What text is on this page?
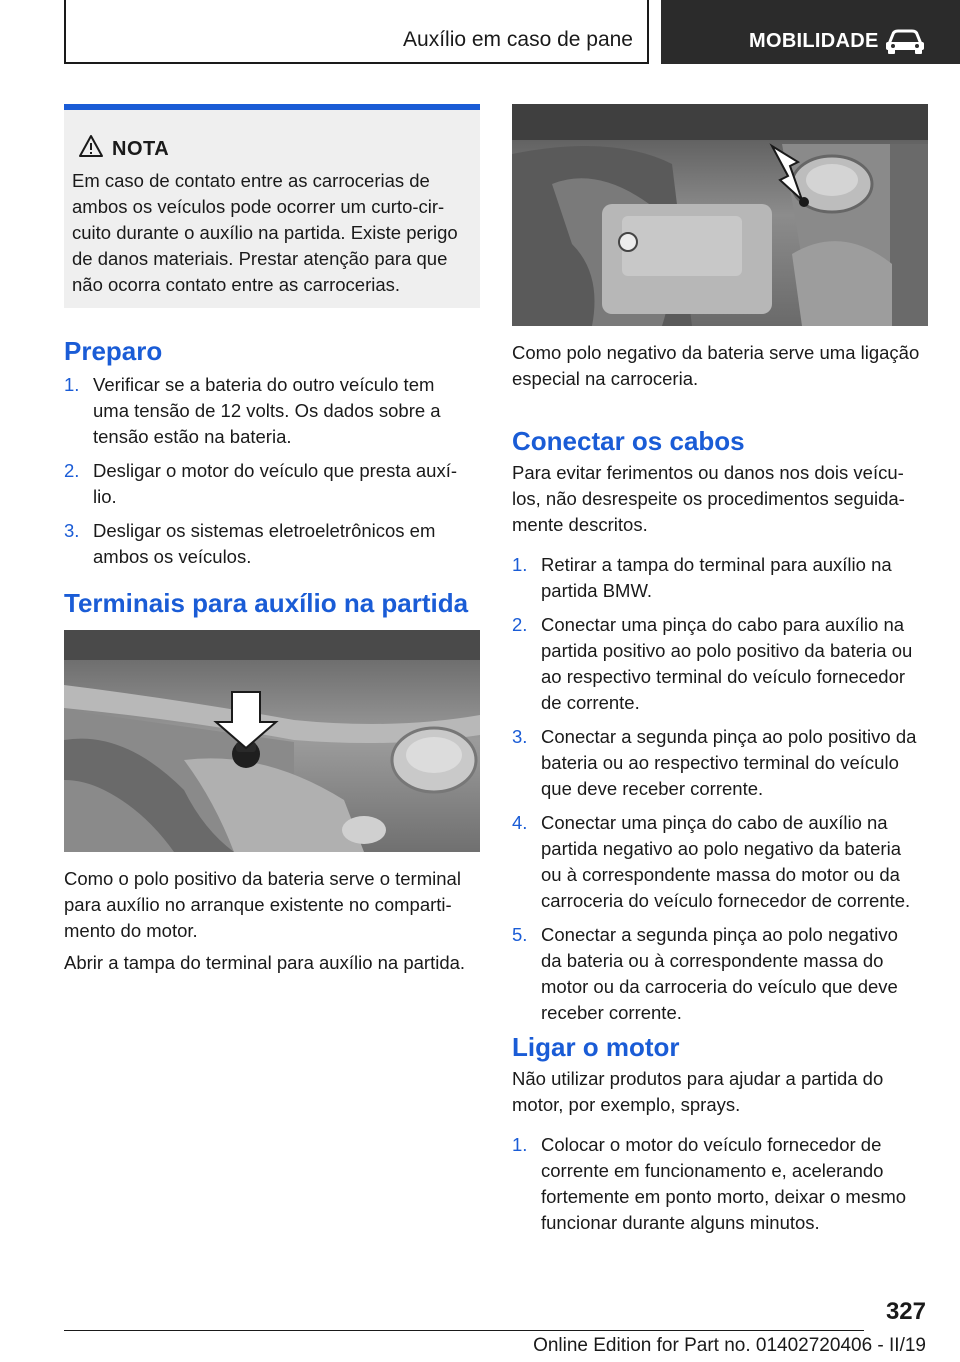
Auxílio em caso de pane	MOBILIDADE
NOTA
Em caso de contato entre as carrocerias de
ambos os veículos pode ocorrer um curto-cir-
cuito durante o auxílio na partida. Existe perigo
de danos materiais. Prestar atenção para que
não ocorra contato entre as carrocerias.
Preparo
1. Verificar se a bateria do outro veículo tem
uma tensão de 12 volts. Os dados sobre a
tensão estão na bateria.
2. Desligar o motor do veículo que presta auxí-
lio.
3. Desligar os sistemas eletroeletrônicos em
ambos os veículos.
Terminais para auxílio na partida
Como o polo positivo da bateria serve o terminal
para auxílio no arranque existente no comparti-
mento do motor.

Abrir a tampa do terminal para auxílio na partida.

Como polo negativo da bateria serve uma ligação
especial na carroceria.
Conectar os cabos
Para evitar ferimentos ou danos nos dois veícu-
los, não desrespeite os procedimentos seguida-
mente descritos.
1. Retirar a tampa do terminal para auxílio na
partida BMW.
2. Conectar uma pinça do cabo para auxílio na
partida positivo ao polo positivo da bateria ou
ao respectivo terminal do veículo fornecedor
de corrente.
3. Conectar a segunda pinça ao polo positivo da
bateria ou ao respectivo terminal do veículo
que deve receber corrente.
4. Conectar uma pinça do cabo de auxílio na
partida negativo ao polo negativo da bateria
ou à correspondente massa do motor ou da
carroceria do veículo fornecedor de corrente.
5. Conectar a segunda pinça ao polo negativo
da bateria ou à correspondente massa do
motor ou da carroceria do veículo que deve
receber corrente.
Ligar o motor
Não utilizar produtos para ajudar a partida do
motor, por exemplo, sprays.
1. Colocar o motor do veículo fornecedor de
corrente em funcionamento e, acelerando
fortemente em ponto morto, deixar o mesmo
funcionar durante alguns minutos.
327
Online Edition for Part no. 01402720406 - II/19
